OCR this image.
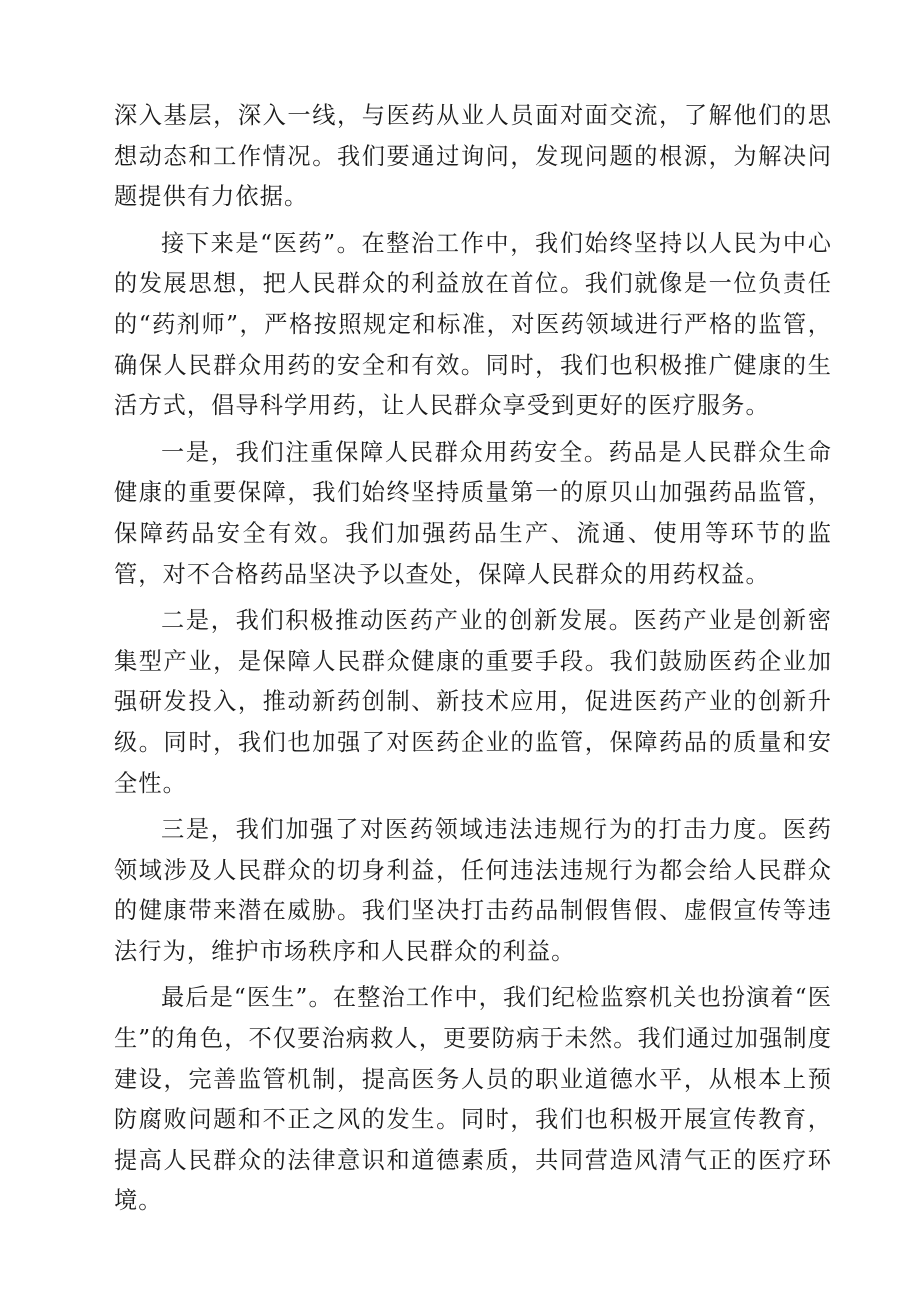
深入基层，深入一线，与医药从业人员面对面交流，了解他们的思想动态和工作情况。我们要通过询问，发现问题的根源，为解决问题提供有力依据。

接下来是“医药”。在整治工作中，我们始终坚持以人民为中心的发展思想，把人民群众的利益放在首位。我们就像是一位负责任的“药剂师”，严格按照规定和标准，对医药领域进行严格的监管，确保人民群众用药的安全和有效。同时，我们也积极推广健康的生活方式，倡导科学用药，让人民群众享受到更好的医疗服务。

一是，我们注重保障人民群众用药安全。药品是人民群众生命健康的重要保障，我们始终坚持质量第一的原贝山加强药品监管，保障药品安全有效。我们加强药品生产、流通、使用等环节的监管，对不合格药品坚决予以查处，保障人民群众的用药权益。

二是，我们积极推动医药产业的创新发展。医药产业是创新密集型产业，是保障人民群众健康的重要手段。我们鼓励医药企业加强研发投入，推动新药创制、新技术应用，促进医药产业的创新升级。同时，我们也加强了对医药企业的监管，保障药品的质量和安全性。

三是，我们加强了对医药领域违法违规行为的打击力度。医药领域涉及人民群众的切身利益，任何违法违规行为都会给人民群众的健康带来潜在威胁。我们坚决打击药品制假售假、虚假宣传等违法行为，维护市场秩序和人民群众的利益。

最后是“医生”。在整治工作中，我们纪检监察机关也扮演着“医生”的角色，不仅要治病救人，更要防病于未然。我们通过加强制度建设，完善监管机制，提高医务人员的职业道德水平，从根本上预防腐败问题和不正之风的发生。同时，我们也积极开展宣传教育，提高人民群众的法律意识和道德素质，共同营造风清气正的医疗环境。
